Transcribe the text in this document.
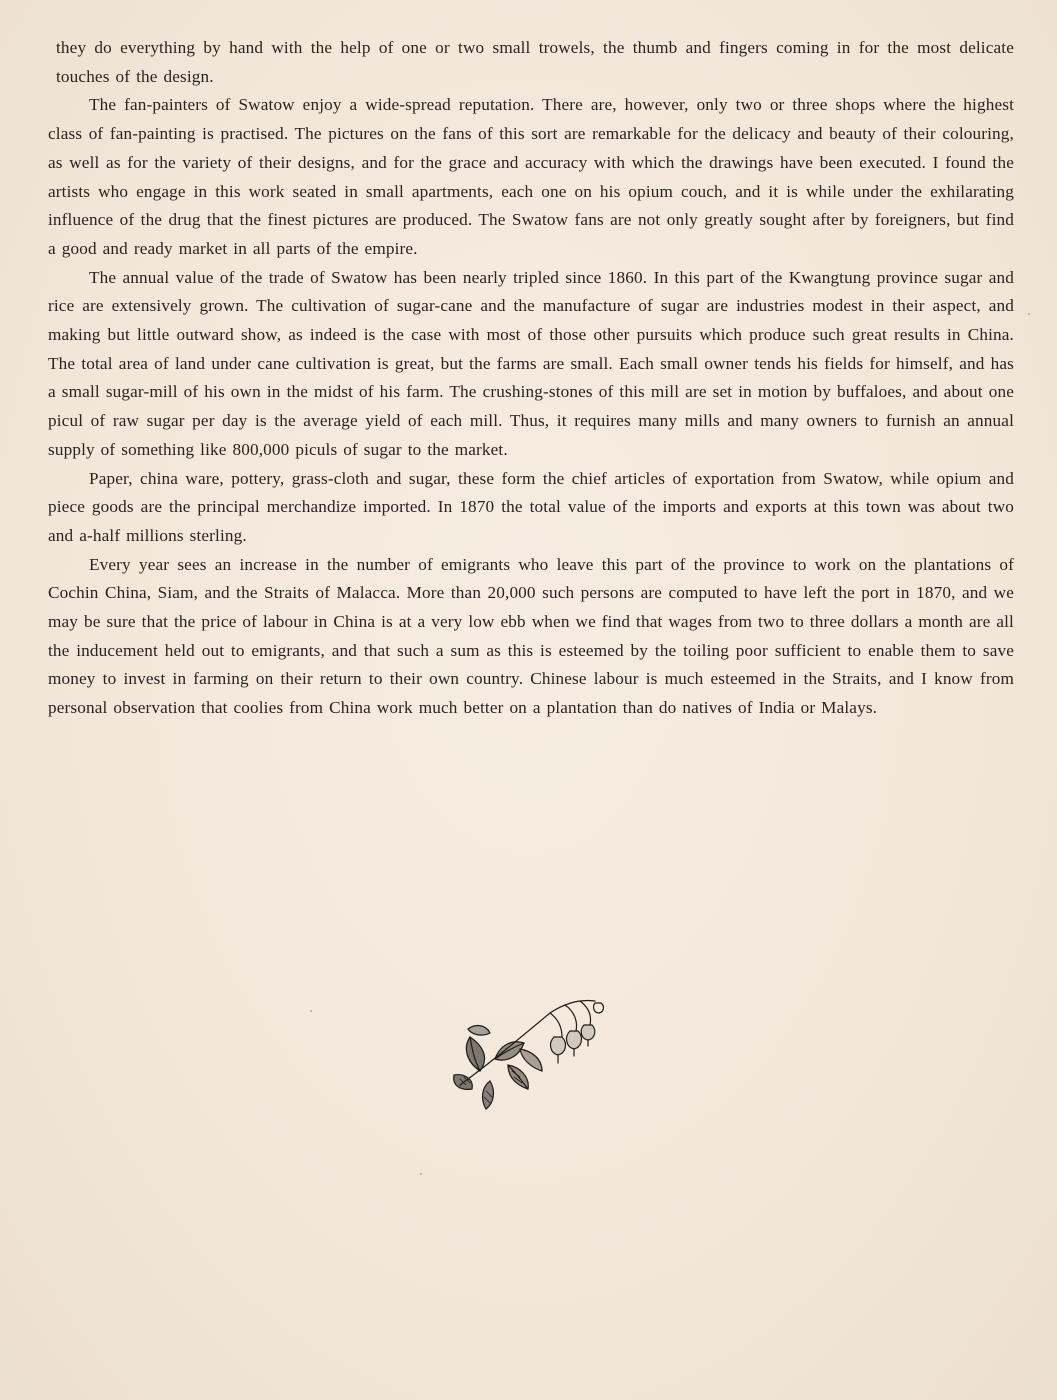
they do everything by hand with the help of one or two small trowels, the thumb and fingers coming in for the most delicate touches of the design.

The fan-painters of Swatow enjoy a wide-spread reputation. There are, however, only two or three shops where the highest class of fan-painting is practised. The pictures on the fans of this sort are remarkable for the delicacy and beauty of their colouring, as well as for the variety of their designs, and for the grace and accuracy with which the drawings have been executed. I found the artists who engage in this work seated in small apartments, each one on his opium couch, and it is while under the exhilarating influence of the drug that the finest pictures are produced. The Swatow fans are not only greatly sought after by foreigners, but find a good and ready market in all parts of the empire.

The annual value of the trade of Swatow has been nearly tripled since 1860. In this part of the Kwangtung province sugar and rice are extensively grown. The cultivation of sugar-cane and the manufacture of sugar are industries modest in their aspect, and making but little outward show, as indeed is the case with most of those other pursuits which produce such great results in China. The total area of land under cane cultivation is great, but the farms are small. Each small owner tends his fields for himself, and has a small sugar-mill of his own in the midst of his farm. The crushing-stones of this mill are set in motion by buffaloes, and about one picul of raw sugar per day is the average yield of each mill. Thus, it requires many mills and many owners to furnish an annual supply of something like 800,000 piculs of sugar to the market.

Paper, china ware, pottery, grass-cloth and sugar, these form the chief articles of exportation from Swatow, while opium and piece goods are the principal merchandize imported. In 1870 the total value of the imports and exports at this town was about two and a-half millions sterling.

Every year sees an increase in the number of emigrants who leave this part of the province to work on the plantations of Cochin China, Siam, and the Straits of Malacca. More than 20,000 such persons are computed to have left the port in 1870, and we may be sure that the price of labour in China is at a very low ebb when we find that wages from two to three dollars a month are all the inducement held out to emigrants, and that such a sum as this is esteemed by the toiling poor sufficient to enable them to save money to invest in farming on their return to their own country. Chinese labour is much esteemed in the Straits, and I know from personal observation that coolies from China work much better on a plantation than do natives of India or Malays.
